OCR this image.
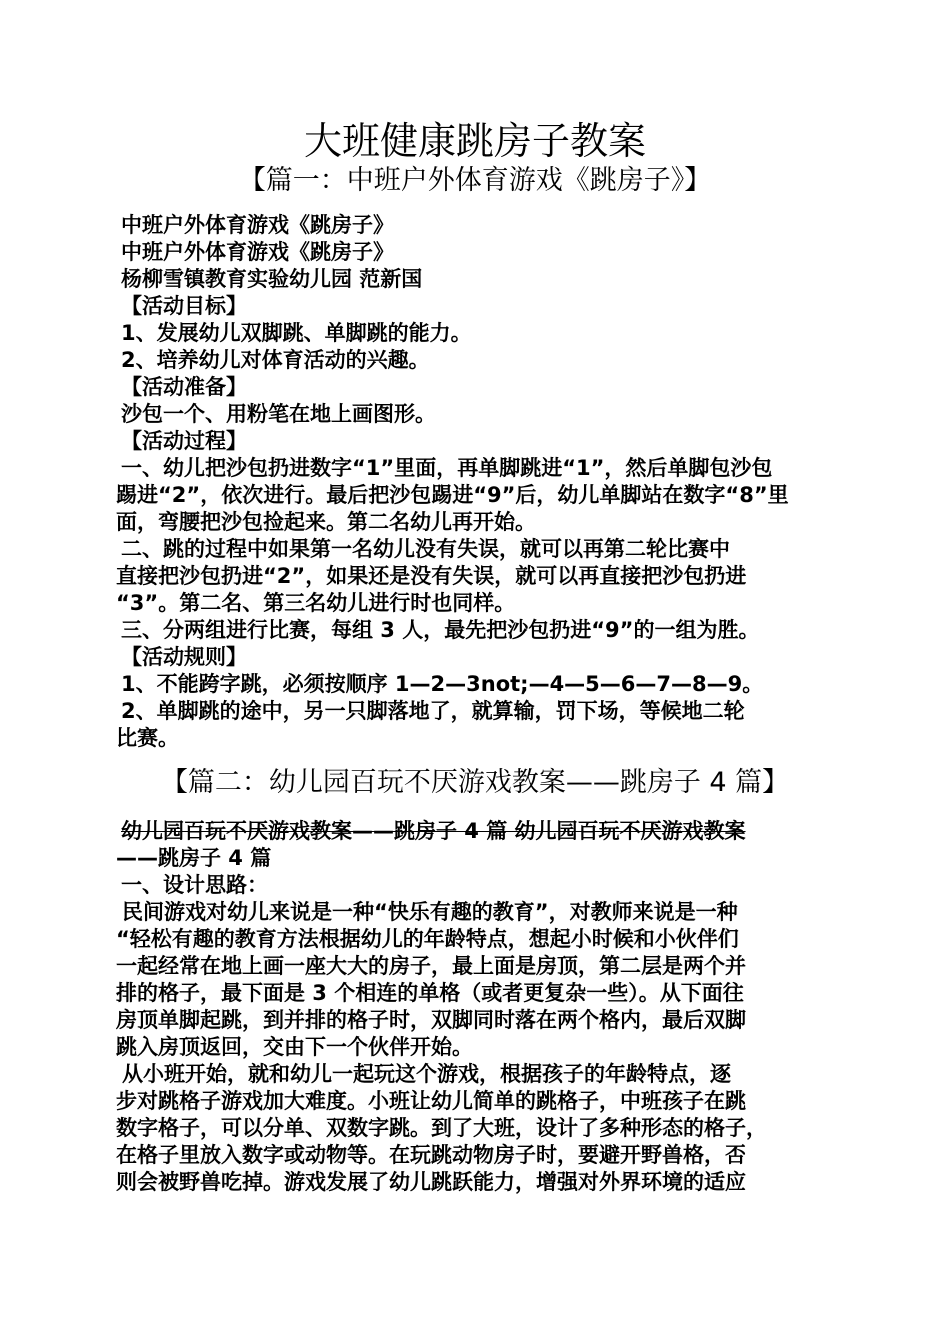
大班健康跳房子教案
【篇一：中班户外体育游戏《跳房子》】
中班户外体育游戏《跳房子》
中班户外体育游戏《跳房子》
杨柳雪镇教育实验幼儿园 范新国
【活动目标】
1、发展幼儿双脚跳、单脚跳的能力。
2、培养幼儿对体育活动的兴趣。
【活动准备】
沙包一个、用粉笔在地上画图形。
【活动过程】
一、幼儿把沙包扔进数字“1”里面，再单脚跳进“1”，然后单脚包沙包
踢进“2”，依次进行。最后把沙包踢进“9”后，幼儿单脚站在数字“8”里
面，弯腰把沙包捡起来。第二名幼儿再开始。
二、跳的过程中如果第一名幼儿没有失误，就可以再第二轮比赛中
直接把沙包扔进“2”，如果还是没有失误，就可以再直接把沙包扔进
“3”。第二名、第三名幼儿进行时也同样。
三、分两组进行比赛，每组 3 人，最先把沙包扔进“9”的一组为胜。
【活动规则】
1、不能跨字跳，必须按顺序 1—2—3not;—4—5—6—7—8—9。
2、单脚跳的途中，另一只脚落地了，就算输，罚下场，等候地二轮
比赛。
【篇二：幼儿园百玩不厌游戏教案——跳房子 4 篇】
幼儿园百玩不厌游戏教案——跳房子 4 篇 幼儿园百玩不厌游戏教案
——跳房子 4 篇
一、设计思路：
民间游戏对幼儿来说是一种“快乐有趣的教育”，对教师来说是一种
“轻松有趣的教育方法根据幼儿的年龄特点，想起小时候和小伙伴们
一起经常在地上画一座大大的房子，最上面是房顶，第二层是两个并
排的格子，最下面是 3 个相连的单格（或者更复杂一些）。从下面往
房顶单脚起跳，到并排的格子时，双脚同时落在两个格内，最后双脚
跳入房顶返回，交由下一个伙伴开始。
从小班开始，就和幼儿一起玩这个游戏，根据孩子的年龄特点，逐
步对跳格子游戏加大难度。小班让幼儿简单的跳格子，中班孩子在跳
数字格子，可以分单、双数字跳。到了大班，设计了多种形态的格子，
在格子里放入数字或动物等。在玩跳动物房子时，要避开野兽格，否
则会被野兽吃掉。游戏发展了幼儿跳跃能力，增强对外界环境的适应
